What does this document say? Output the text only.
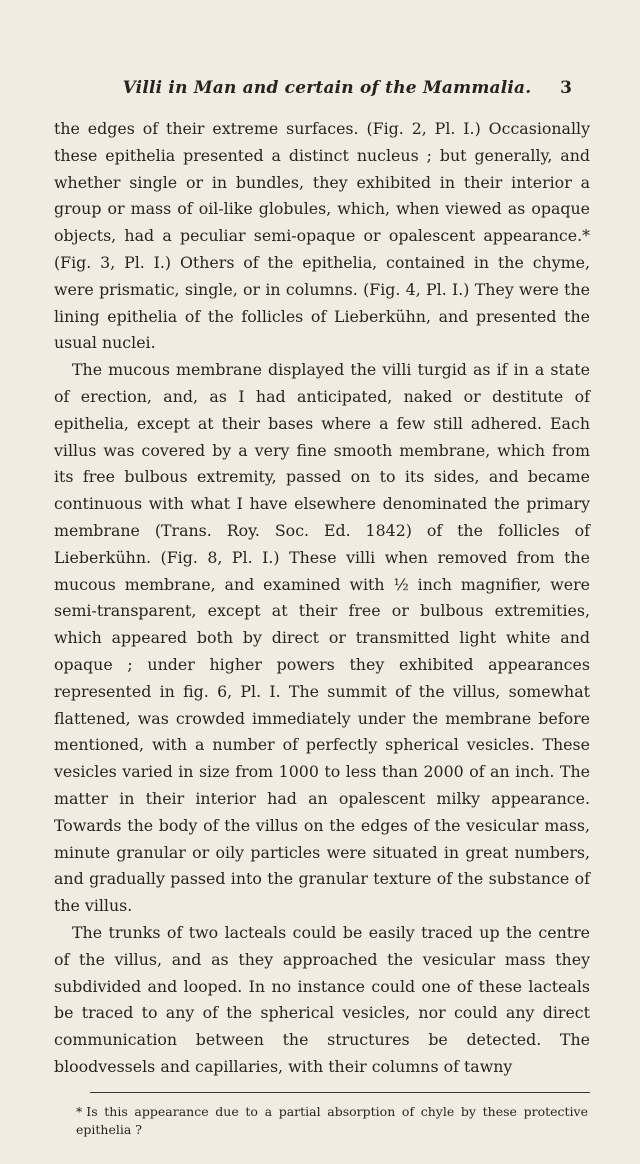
Villi in Man and certain of the Mammalia.	3

the edges of their extreme surfaces. (Fig. 2, Pl. I.) Occasionally these epithelia presented a distinct nucleus ; but generally, and whether single or in bundles, they exhibited in their interior a group or mass of oil-like globules, which, when viewed as opaque objects, had a peculiar semi-opaque or opalescent appearance.* (Fig. 3, Pl. I.) Others of the epithelia, contained in the chyme, were prismatic, single, or in columns. (Fig. 4, Pl. I.) They were the lining epithelia of the follicles of Lieberkühn, and presented the usual nuclei.

The mucous membrane displayed the villi turgid as if in a state of erection, and, as I had anticipated, naked or destitute of epithelia, except at their bases where a few still adhered. Each villus was covered by a very fine smooth membrane, which from its free bulbous extremity, passed on to its sides, and became continuous with what I have elsewhere denominated the primary membrane (Trans. Roy. Soc. Ed. 1842) of the follicles of Lieberkühn. (Fig. 8, Pl. I.) These villi when removed from the mucous membrane, and examined with ½ inch magnifier, were semi-transparent, except at their free or bulbous extremities, which appeared both by direct or transmitted light white and opaque ; under higher powers they exhibited appearances represented in fig. 6, Pl. I. The summit of the villus, somewhat flattened, was crowded immediately under the membrane before mentioned, with a number of perfectly spherical vesicles. These vesicles varied in size from 1000 to less than 2000 of an inch. The matter in their interior had an opalescent milky appearance. Towards the body of the villus on the edges of the vesicular mass, minute granular or oily particles were situated in great numbers, and gradually passed into the granular texture of the substance of the villus.

The trunks of two lacteals could be easily traced up the centre of the villus, and as they approached the vesicular mass they subdivided and looped. In no instance could one of these lacteals be traced to any of the spherical vesicles, nor could any direct communication between the structures be detected. The bloodvessels and capillaries, with their columns of tawny

* Is this appearance due to a partial absorption of chyle by these protective epithelia ?
